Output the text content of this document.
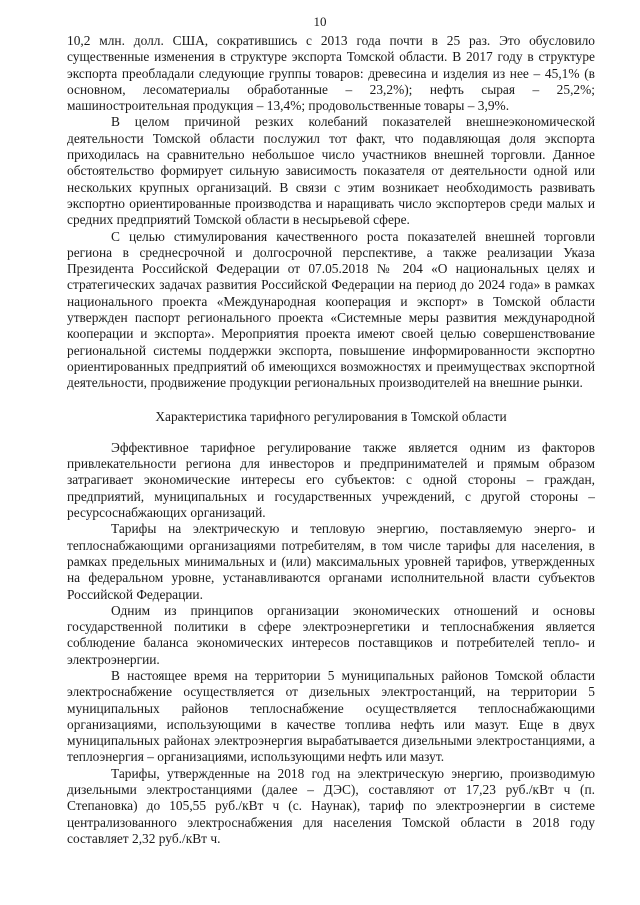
10

10,2 млн. долл. США, сократившись с 2013 года почти в 25 раз. Это обусловило существенные изменения в структуре экспорта Томской области. В 2017 году в структуре экспорта преобладали следующие группы товаров: древесина и изделия из нее – 45,1% (в основном, лесоматериалы обработанные – 23,2%); нефть сырая – 25,2%; машиностроительная продукция – 13,4%; продовольственные товары – 3,9%.

В целом причиной резких колебаний показателей внешнеэкономической деятельности Томской области послужил тот факт, что подавляющая доля экспорта приходилась на сравнительно небольшое число участников внешней торговли. Данное обстоятельство формирует сильную зависимость показателя от деятельности одной или нескольких крупных организаций. В связи с этим возникает необходимость развивать экспортно ориентированные производства и наращивать число экспортеров среди малых и средних предприятий Томской области в несырьевой сфере.

С целью стимулирования качественного роста показателей внешней торговли региона в среднесрочной и долгосрочной перспективе, а также реализации Указа Президента Российской Федерации от 07.05.2018 № 204 «О национальных целях и стратегических задачах развития Российской Федерации на период до 2024 года» в рамках национального проекта «Международная кооперация и экспорт» в Томской области утвержден паспорт регионального проекта «Системные меры развития международной кооперации и экспорта». Мероприятия проекта имеют своей целью совершенствование региональной системы поддержки экспорта, повышение информированности экспортно ориентированных предприятий об имеющихся возможностях и преимуществах экспортной деятельности, продвижение продукции региональных производителей на внешние рынки.

Характеристика тарифного регулирования в Томской области

Эффективное тарифное регулирование также является одним из факторов привлекательности региона для инвесторов и предпринимателей и прямым образом затрагивает экономические интересы его субъектов: с одной стороны – граждан, предприятий, муниципальных и государственных учреждений, с другой стороны – ресурсоснабжающих организаций.

Тарифы на электрическую и тепловую энергию, поставляемую энерго- и теплоснабжающими организациями потребителям, в том числе тарифы для населения, в рамках предельных минимальных и (или) максимальных уровней тарифов, утвержденных на федеральном уровне, устанавливаются органами исполнительной власти субъектов Российской Федерации.

Одним из принципов организации экономических отношений и основы государственной политики в сфере электроэнергетики и теплоснабжения является соблюдение баланса экономических интересов поставщиков и потребителей тепло- и электроэнергии.

В настоящее время на территории 5 муниципальных районов Томской области электроснабжение осуществляется от дизельных электростанций, на территории 5 муниципальных районов теплоснабжение осуществляется теплоснабжающими организациями, использующими в качестве топлива нефть или мазут. Еще в двух муниципальных районах электроэнергия вырабатывается дизельными электростанциями, а теплоэнергия – организациями, использующими нефть или мазут.

Тарифы, утвержденные на 2018 год на электрическую энергию, производимую дизельными электростанциями (далее – ДЭС), составляют от 17,23 руб./кВт ч (п. Степановка) до 105,55 руб./кВт ч (с. Наунак), тариф по электроэнергии в системе централизованного электроснабжения для населения Томской области в 2018 году составляет 2,32 руб./кВт ч.
